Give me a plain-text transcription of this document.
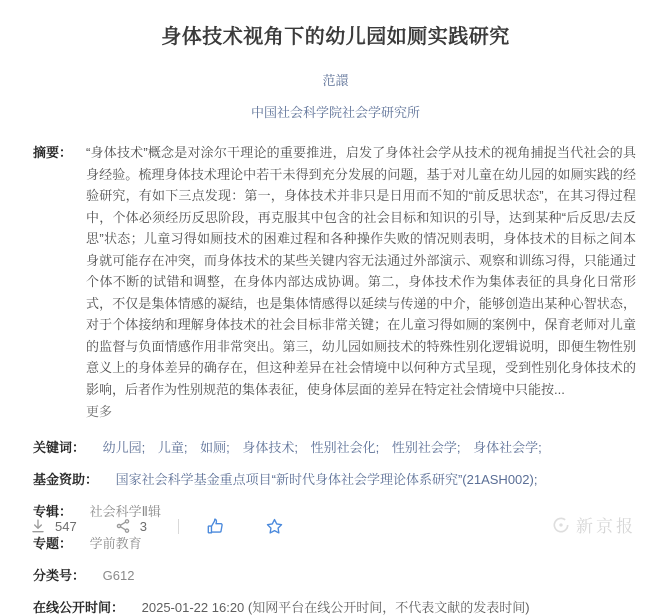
身体技术视角下的幼儿园如厕实践研究
范譞
中国社会科学院社会学研究所
摘要： “身体技术”概念是对涂尔干理论的重要推进，启发了身体社会学从技术的视角捕捉当代社会的具身经验。梳理身体技术理论中若干未得到充分发展的问题，基于对儿童在幼儿园的如厕实践的经验研究，有如下三点发现：第一，身体技术并非只是日用而不知的“前反思状态”，在其习得过程中，个体必须经历反思阶段，再克服其中包含的社会目标和知识的引导，达到某种“后反思/去反思”状态；儿童习得如厕技术的困难过程和各种操作失败的情况则表明，身体技术的目标之间本身就可能存在冲突，而身体技术的某些关键内容无法通过外部演示、观察和训练习得，只能通过个体不断的试错和调整，在身体内部达成协调。第二，身体技术作为集体表征的具身化日常形式，不仅是集体情感的凝结，也是集体情感得以延续与传递的中介，能够创造出某种心智状态，对于个体接纳和理解身体技术的社会目标非常关键；在儿童习得如厕的案例中，保育老师对儿童的监督与负面情感作用非常突出。第三，幼儿园如厕技术的特殊性别化逻辑说明，即便生物性别意义上的身体差异的确存在，但这种差异在社会情境中以何种方式呈现，受到性别化身体技术的影响，后者作为性别规范的集体表征，使身体层面的差异在特定社会情境中只能按...
更多
关键词： 幼儿园; 儿童; 如厕; 身体技术; 性别社会化; 性别社会学; 身体社会学;
基金资助： 国家社会科学基金重点项目“新时代身体社会学理论体系研究”(21ASH002);
专辑： 社会科学Ⅱ辑
专题： 学前教育
分类号： G612
在线公开时间： 2025-01-22 16:20 (知网平台在线公开时间，不代表文献的发表时间)
547	3	新京报
